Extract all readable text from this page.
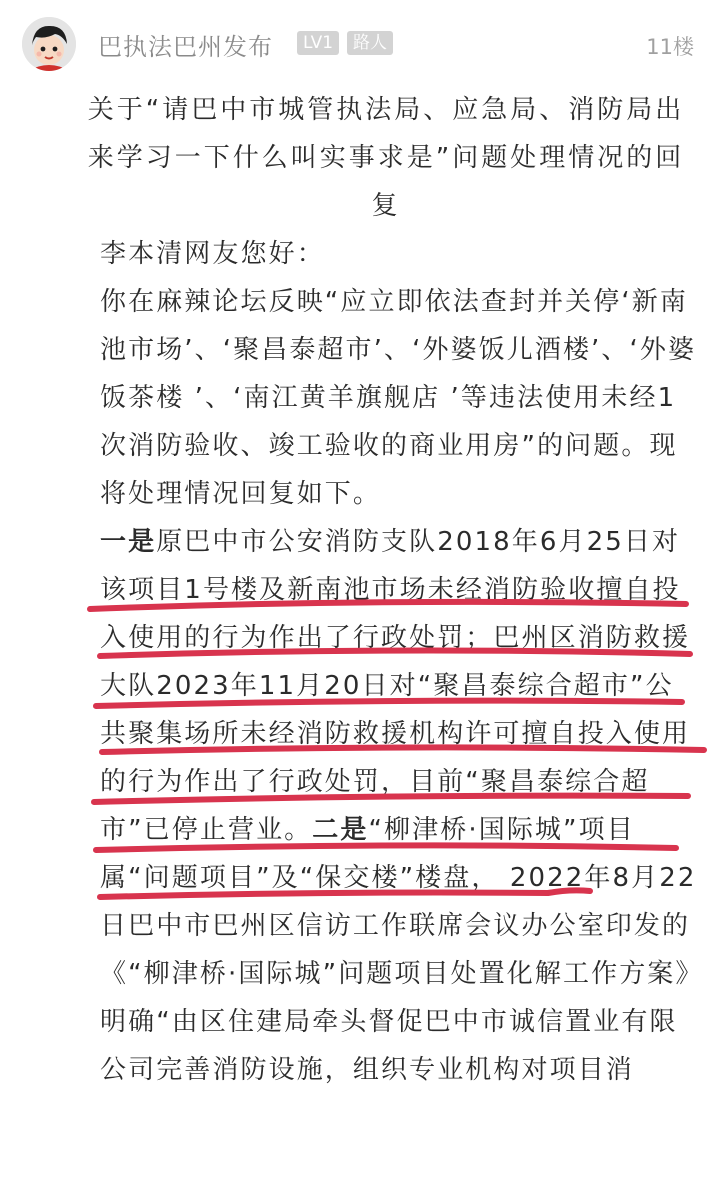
巴执法巴州发布	LV1	路人	11楼
关于“请巴中市城管执法局、应急局、消防局出来学习一下什么叫实事求是”问题处理情况的回复

李本清网友您好：

你在麻辣论坛反映“应立即依法查封并关停‘新南池市场’、‘聚昌泰超市’、‘外婆饭儿酒楼’、‘外婆饭茶楼 ’、‘南江黄羊旗舰店 ’等违法使用未经1次消防验收、竣工验收的商业用房”的问题。现将处理情况回复如下。

一是原巴中市公安消防支队2018年6月25日对该项目1号楼及新南池市场未经消防验收擅自投入使用的行为作出了行政处罚；巴州区消防救援大队2023年11月20日对“聚昌泰综合超市”公共聚集场所未经消防救援机构许可擅自投入使用的行为作出了行政处罚，目前“聚昌泰综合超市”已停止营业。二是“柳津桥·国际城”项目属“问题项目”及“保交楼”楼盘， 2022年8月22日巴中市巴州区信访工作联席会议办公室印发的《“柳津桥·国际城”问题项目处置化解工作方案》明确“由区住建局牵头督促巴中市诚信置业有限公司完善消防设施，组织专业机构对项目消
